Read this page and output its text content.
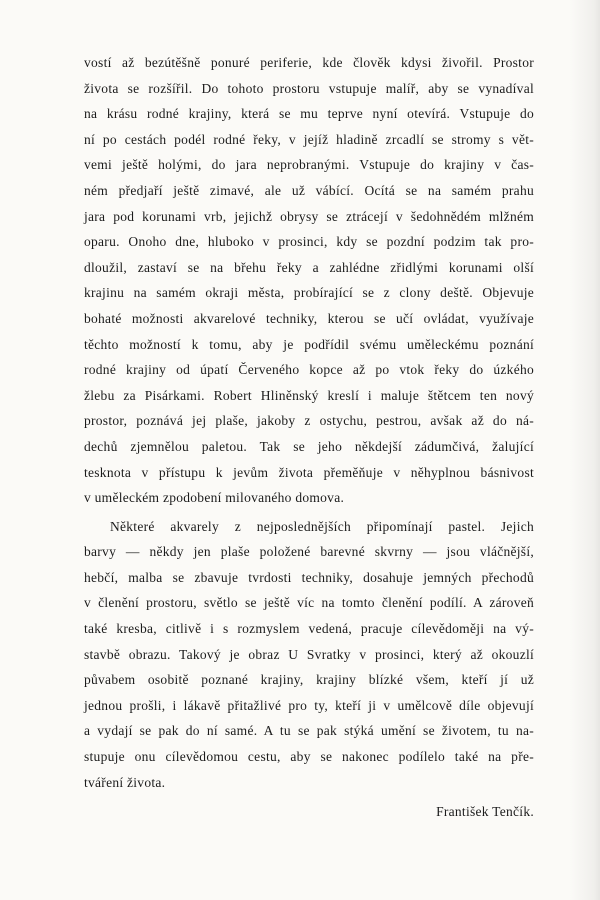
vostí až bezútěšně ponuré periferie, kde člověk kdysi živořil. Prostor
života se rozšířil. Do tohoto prostoru vstupuje malíř, aby se vynadíval
na krásu rodné krajiny, která se mu teprve nyní otevírá. Vstupuje do
ní po cestách podél rodné řeky, v jejíž hladině zrcadlí se stromy s vět-
vemi ještě holými, do jara neprobranými. Vstupuje do krajiny v čas-
ném předjaří ještě zimavé, ale už vábící. Ocítá se na samém prahu
jara pod korunami vrb, jejichž obrysy se ztrácejí v šedohnědém mlžném
oparu. Onoho dne, hluboko v prosinci, kdy se pozdní podzim tak pro-
dloužil, zastaví se na břehu řeky a zahlédne zřidlými korunami olší
krajinu na samém okraji města, probírající se z clony deště. Objevuje
bohaté možnosti akvarelové techniky, kterou se učí ovládat, využívaje
těchto možností k tomu, aby je podřídil svému uměleckému poznání
rodné krajiny od úpatí Červeného kopce až po vtok řeky do úzkého
žlebu za Pisárkami. Robert Hliněnský kreslí i maluje štětcem ten nový
prostor, poznává jej plaše, jakoby z ostychu, pestrou, avšak až do ná-
dechů zjemnělou paletou. Tak se jeho někdejší zádumčivá, žalující
tesknota v přístupu k jevům života přeměňuje v něhyplnou básnivost
v uměleckém zpodobení milovaného domova.
Některé akvarely z nejposlednějších připomínají pastel. Jejich
barvy — někdy jen plaše položené barevné skvrny — jsou vláčnější,
hebčí, malba se zbavuje tvrdosti techniky, dosahuje jemných přechodů
v členění prostoru, světlo se ještě víc na tomto členění podílí. A zároveň
také kresba, citlivě i s rozmyslem vedená, pracuje cílevědoměji na vý-
stavbě obrazu. Takový je obraz U Svratky v prosinci, který až okouzlí
půvabem osobitě poznané krajiny, krajiny blízké všem, kteří jí už
jednou prošli, i lákavě přitažlivé pro ty, kteří ji v umělcově díle objevují
a vydají se pak do ní samé. A tu se pak stýká umění se životem, tu na-
stupuje onu cílevědomou cestu, aby se nakonec podílelo také na pře-
tváření života.
František Tenčík.
